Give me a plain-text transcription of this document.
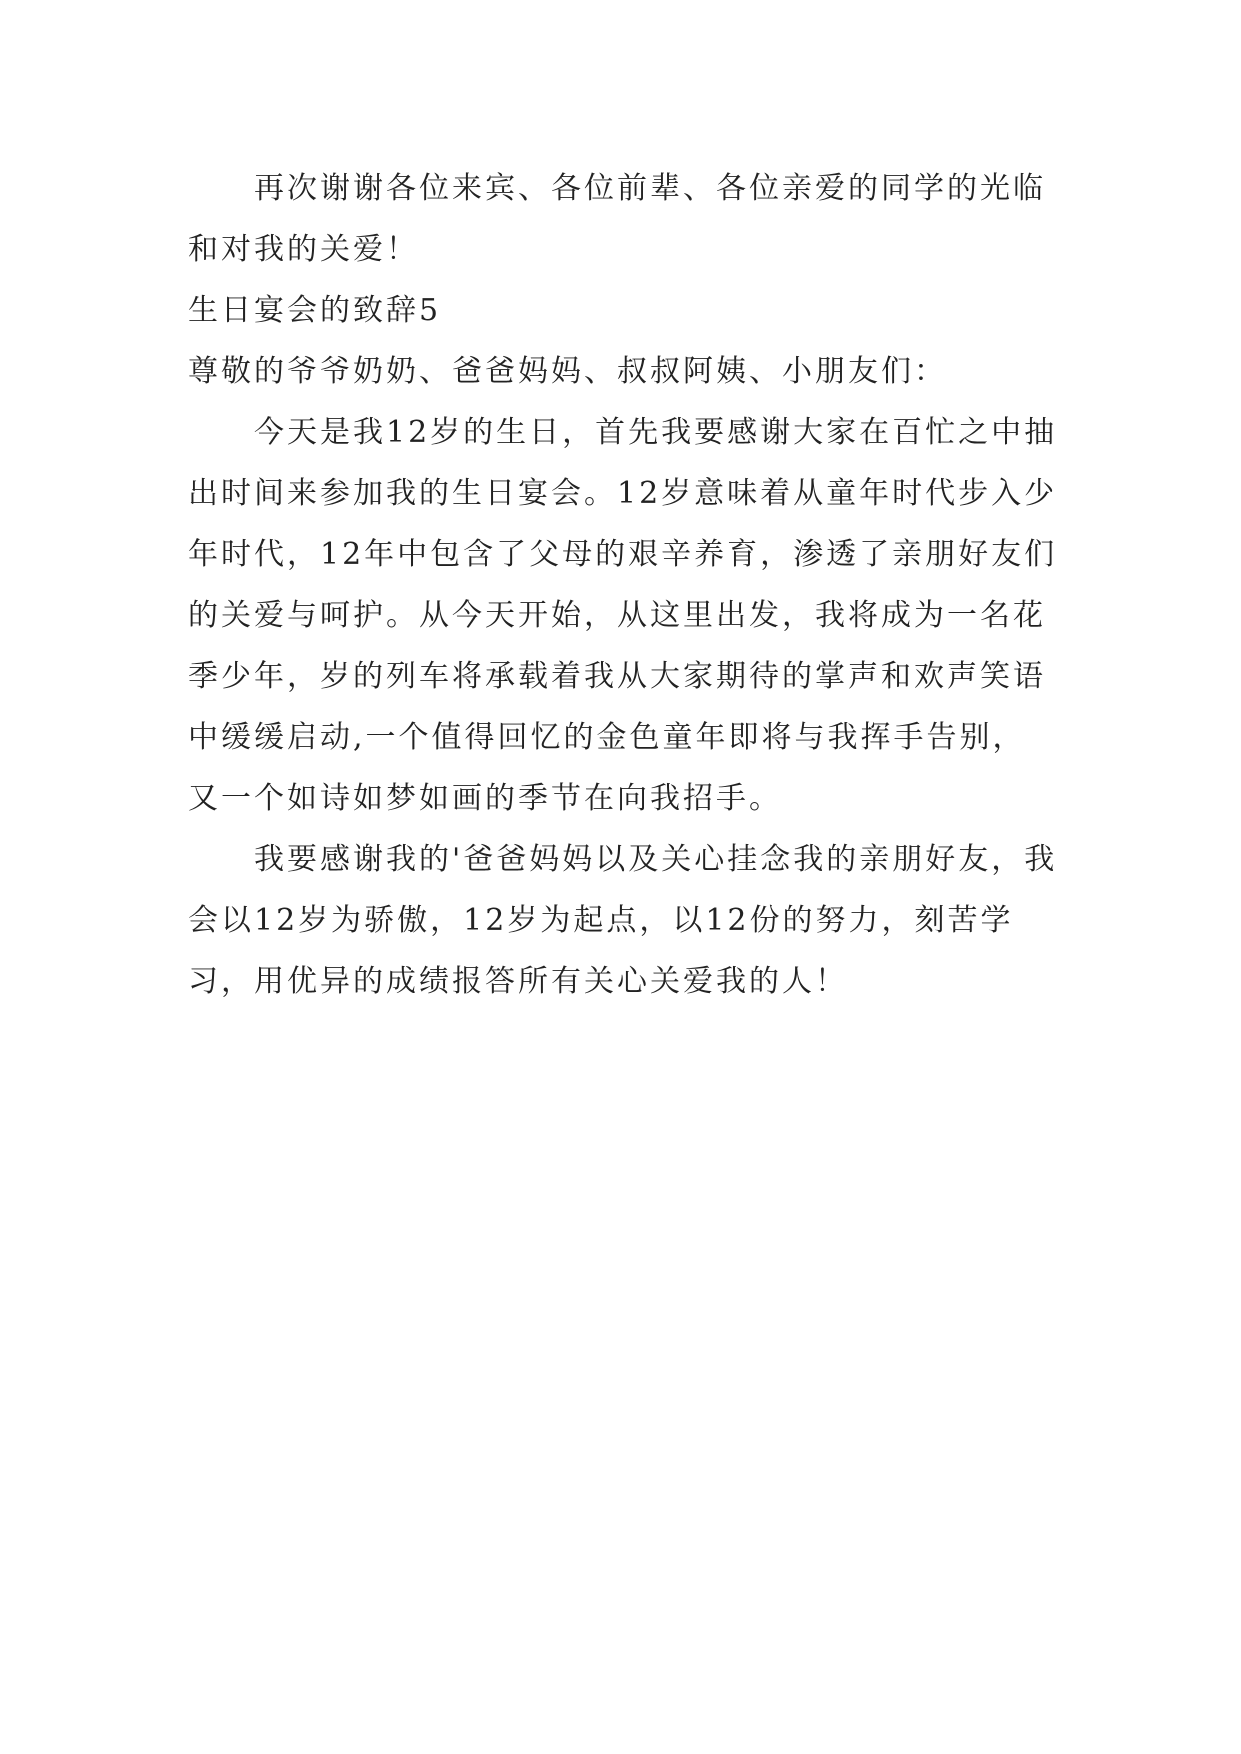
再次谢谢各位来宾、各位前辈、各位亲爱的同学的光临和对我的关爱！

生日宴会的致辞5

尊敬的爷爷奶奶、爸爸妈妈、叔叔阿姨、小朋友们：

今天是我12岁的生日，首先我要感谢大家在百忙之中抽出时间来参加我的生日宴会。12岁意味着从童年时代步入少年时代，12年中包含了父母的艰辛养育，渗透了亲朋好友们的关爱与呵护。从今天开始，从这里出发，我将成为一名花季少年，岁的列车将承载着我从大家期待的掌声和欢声笑语中缓缓启动,一个值得回忆的金色童年即将与我挥手告别，又一个如诗如梦如画的季节在向我招手。

我要感谢我的'爸爸妈妈以及关心挂念我的亲朋好友，我会以12岁为骄傲，12岁为起点，以12份的努力，刻苦学习，用优异的成绩报答所有关心关爱我的人！
